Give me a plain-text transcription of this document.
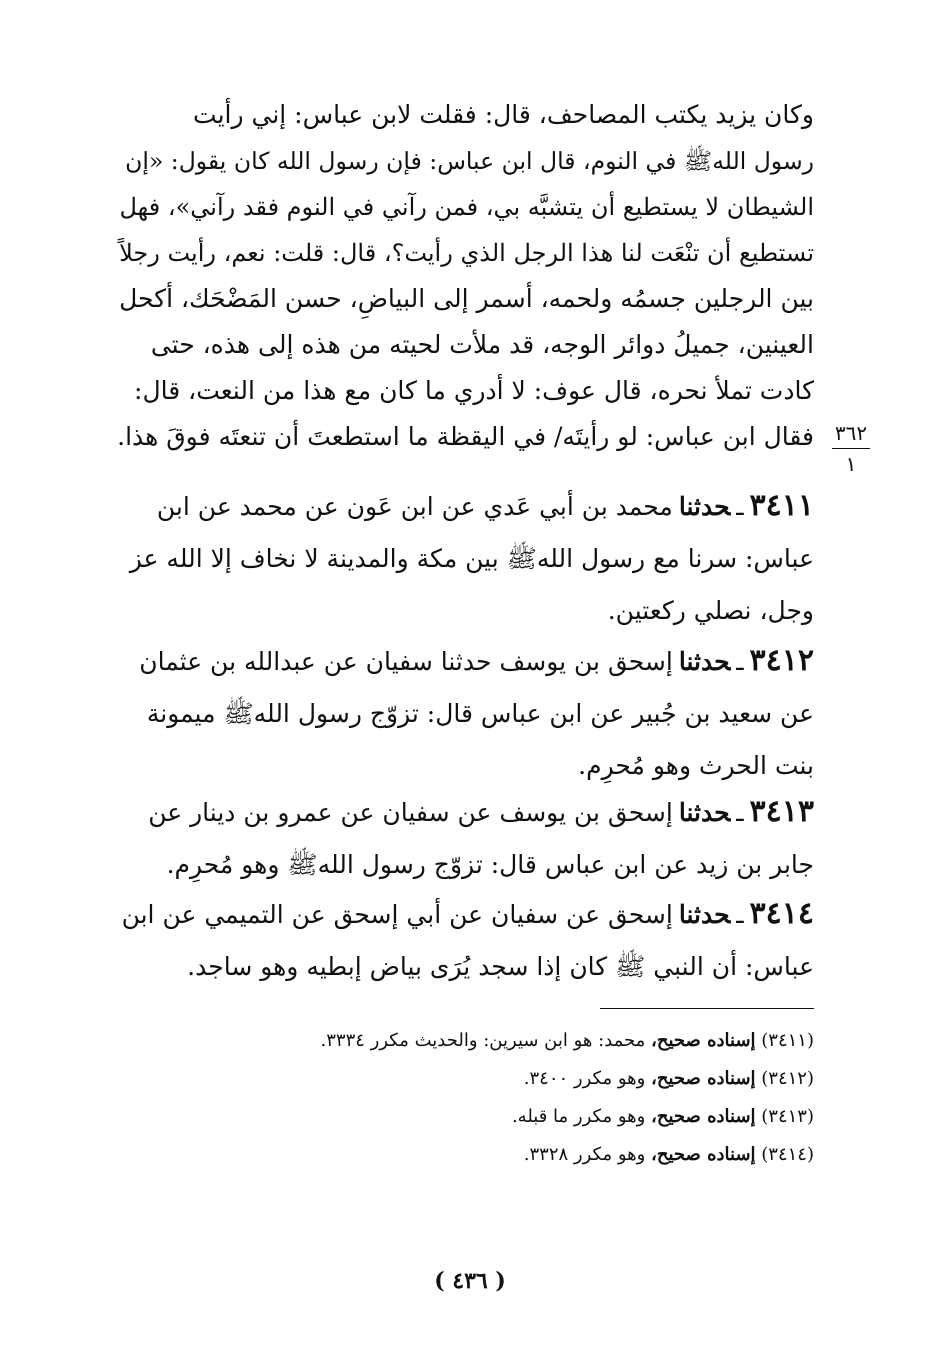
وكان يزيد يكتب المصاحف، قال: فقلت لابن عباس: إني رأيت
رسول اللهﷺ في النوم، قال ابن عباس: فإن رسول الله كان يقول: «إن
الشيطان لا يستطيع أن يتشبَّه بي، فمن رآني في النوم فقد رآني»، فهل
تستطيع أن تنْعَت لنا هذا الرجل الذي رأيت؟، قال: قلت: نعم، رأيت رجلاً
بين الرجلين جسمُه ولحمه، أسمر إلى البياضِ، حسن المَضْحَك، أكحل
العينين، جميلُ دوائر الوجه، قد ملأت لحيته من هذه إلى هذه، حتى
كادت تملأ نحره، قال عوف: لا أدري ما كان مع هذا من النعت، قال:
فقال ابن عباس: لو رأيتَه/ في اليقظة ما استطعتَ أن تنعتَه فوقَ هذا.	٣٦٢
١
٣٤١١ـحدثنامحمد بن أبي عَدي عن ابن عَون عن محمد عن ابن عباس: سرنا مع رسول اللهﷺ بين مكة والمدينة لا نخاف إلا الله عز وجل، نصلي ركعتين.
٣٤١٢ـحدثناإسحق بن يوسف حدثنا سفيان عن عبدالله بن عثمان عن سعيد بن جُبير عن ابن عباس قال: تزوّج رسول اللهﷺ ميمونة بنت الحرث وهو مُحرِم.
٣٤١٣ـحدثناإسحق بن يوسف عن سفيان عن عمرو بن دينار عن جابر بن زيد عن ابن عباس قال: تزوّج رسول اللهﷺ وهو مُحرِم.
٣٤١٤ـحدثناإسحق عن سفيان عن أبي إسحق عن التميمي عن ابن عباس: أن النبي ﷺ كان إذا سجد يُرَى بياض إبطيه وهو ساجد.
(٣٤١١) إسناده صحيح، محمد: هو ابن سيرين: والحديث مكرر ٣٣٣٤.
(٣٤١٢) إسناده صحيح، وهو مكرر ٣٤٠٠.
(٣٤١٣) إسناده صحيح، وهو مكرر ما قبله.
(٣٤١٤) إسناده صحيح، وهو مكرر ٣٣٢٨.
( ٤٣٦ )
